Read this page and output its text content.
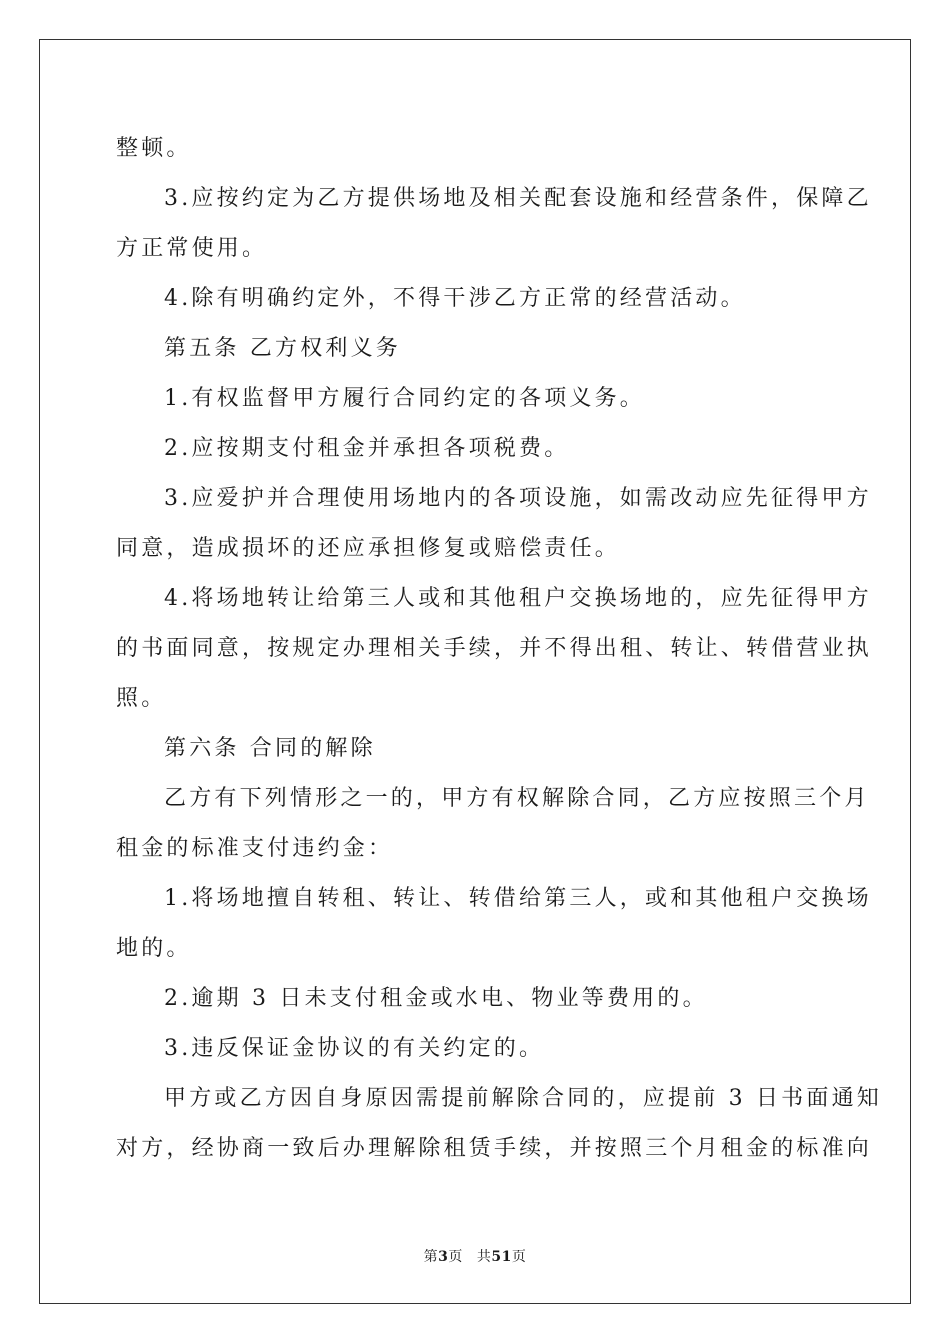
整顿。
3.应按约定为乙方提供场地及相关配套设施和经营条件，保障乙
方正常使用。
4.除有明确约定外，不得干涉乙方正常的经营活动。
第五条 乙方权利义务
1.有权监督甲方履行合同约定的各项义务。
2.应按期支付租金并承担各项税费。
3.应爱护并合理使用场地内的各项设施，如需改动应先征得甲方
同意，造成损坏的还应承担修复或赔偿责任。
4.将场地转让给第三人或和其他租户交换场地的，应先征得甲方
的书面同意，按规定办理相关手续，并不得出租、转让、转借营业执
照。
第六条 合同的解除
乙方有下列情形之一的，甲方有权解除合同，乙方应按照三个月
租金的标准支付违约金：
1.将场地擅自转租、转让、转借给第三人，或和其他租户交换场
地的。
2.逾期 3 日未支付租金或水电、物业等费用的。
3.违反保证金协议的有关约定的。
甲方或乙方因自身原因需提前解除合同的，应提前 3 日书面通知
对方，经协商一致后办理解除租赁手续，并按照三个月租金的标准向
第3页 共51页
